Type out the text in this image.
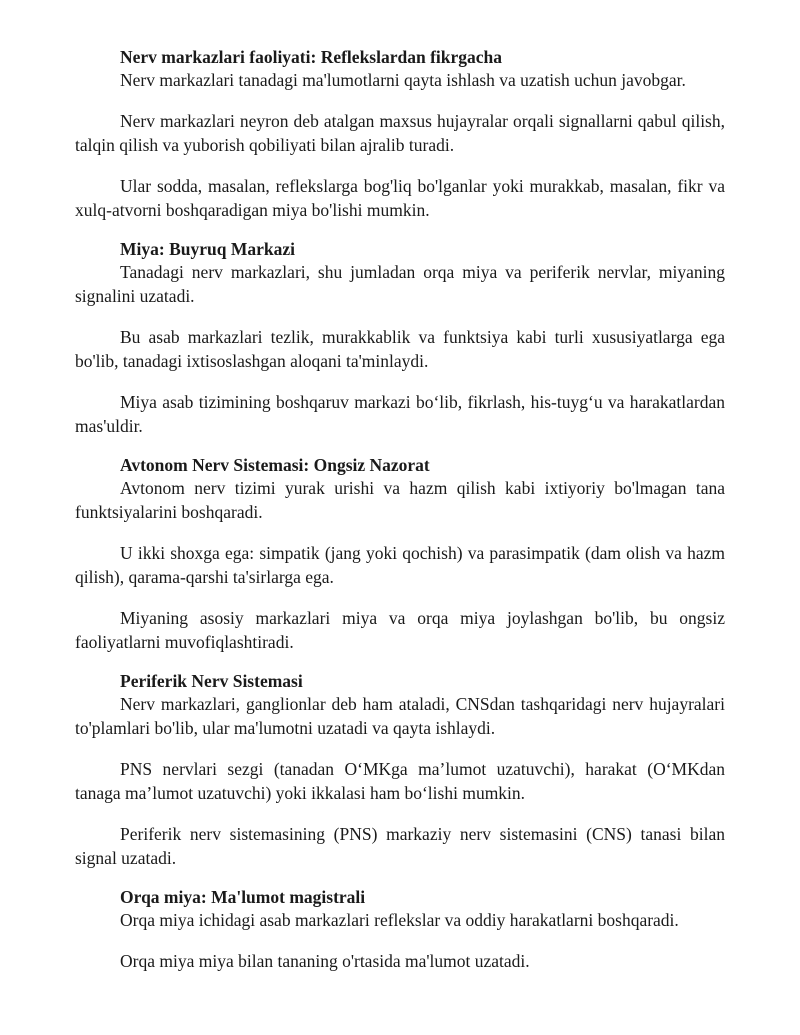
Nerv markazlari faoliyati: Reflekslardan fikrgacha

Nerv markazlari tanadagi ma'lumotlarni qayta ishlash va uzatish uchun javobgar.

Nerv markazlari neyron deb atalgan maxsus hujayralar orqali signallarni qabul qilish, talqin qilish va yuborish qobiliyati bilan ajralib turadi.

Ular sodda, masalan, reflekslarga bog'liq bo'lganlar yoki murakkab, masalan, fikr va xulq-atvorni boshqaradigan miya bo'lishi mumkin.

Miya: Buyruq Markazi

Tanadagi nerv markazlari, shu jumladan orqa miya va periferik nervlar, miyaning signalini uzatadi.

Bu asab markazlari tezlik, murakkablik va funktsiya kabi turli xususiyatlarga ega bo'lib, tanadagi ixtisoslashgan aloqani ta'minlaydi.

Miya asab tizimining boshqaruv markazi bo‘lib, fikrlash, his-tuyg‘u va harakatlardan mas'uldir.

Avtonom Nerv Sistemasi: Ongsiz Nazorat

Avtonom nerv tizimi yurak urishi va hazm qilish kabi ixtiyoriy bo'lmagan tana funktsiyalarini boshqaradi.

U ikki shoxga ega: simpatik (jang yoki qochish) va parasimpatik (dam olish va hazm qilish), qarama-qarshi ta'sirlarga ega.

Miyaning asosiy markazlari miya va orqa miya joylashgan bo'lib, bu ongsiz faoliyatlarni muvofiqlashtiradi.

Periferik Nerv Sistemasi

Nerv markazlari, ganglionlar deb ham ataladi, CNSdan tashqaridagi nerv hujayralari to'plamlari bo'lib, ular ma'lumotni uzatadi va qayta ishlaydi.

PNS nervlari sezgi (tanadan O‘MKga ma’lumot uzatuvchi), harakat (O‘MKdan tanaga ma’lumot uzatuvchi) yoki ikkalasi ham bo‘lishi mumkin.

Periferik nerv sistemasining (PNS) markaziy nerv sistemasini (CNS) tanasi bilan signal uzatadi.

Orqa miya: Ma'lumot magistrali

Orqa miya ichidagi asab markazlari reflekslar va oddiy harakatlarni boshqaradi.

Orqa miya miya bilan tananing o'rtasida ma'lumot uzatadi.
